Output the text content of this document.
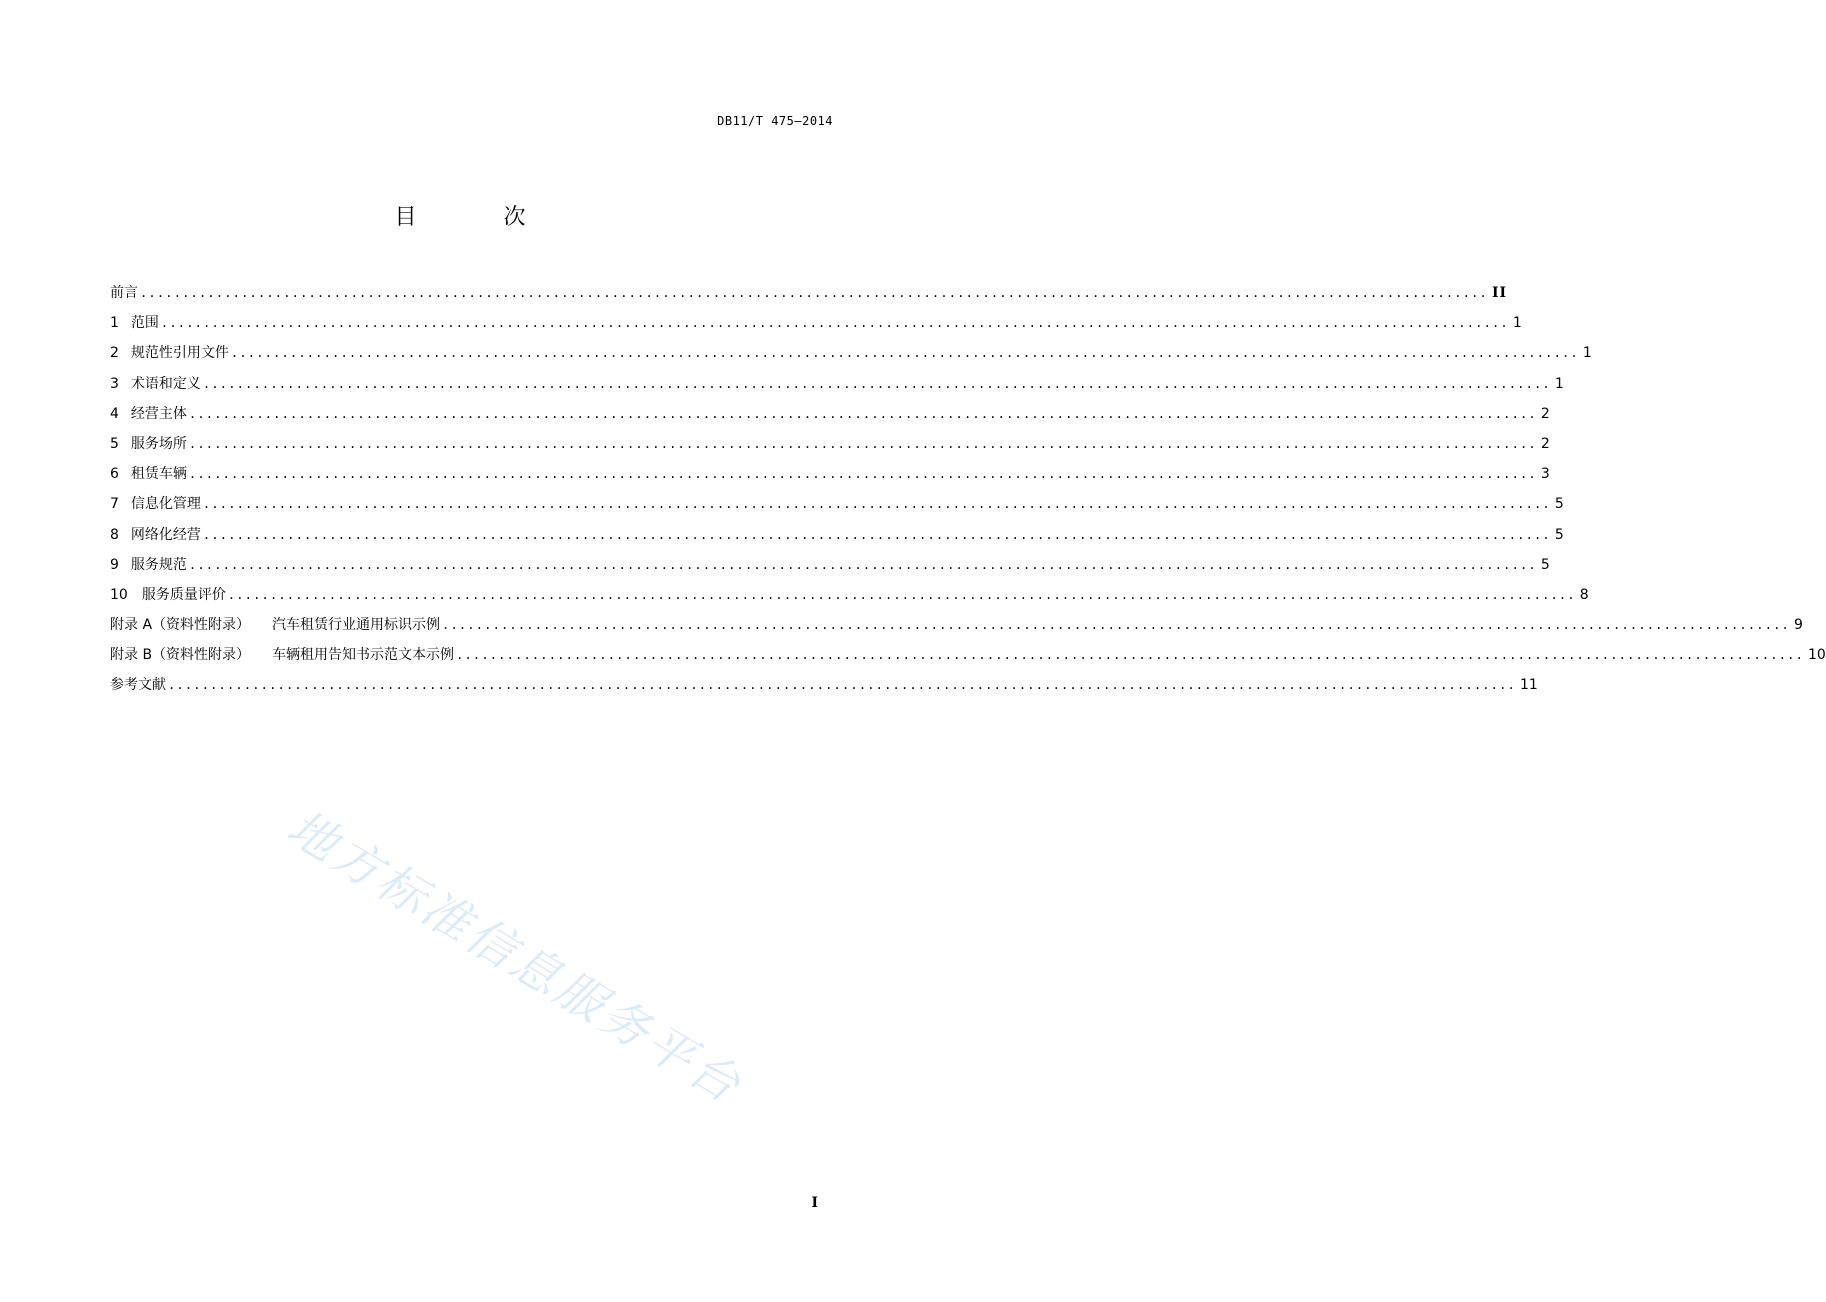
DB11/T 475—2014
目 次
前言 ................................................................................................................................................................ II
1 范围 ................................................................................................................................................................ 1
2 规范性引用文件 ................................................................................................................................................................ 1
3 术语和定义 ................................................................................................................................................................ 1
4 经营主体 ................................................................................................................................................................ 2
5 服务场所 ................................................................................................................................................................ 2
6 租赁车辆 ................................................................................................................................................................ 3
7 信息化管理 ................................................................................................................................................................ 5
8 网络化经营 ................................................................................................................................................................ 5
9 服务规范 ................................................................................................................................................................ 5
10 服务质量评价 ................................................................................................................................................................ 8
附录 A（资料性附录） 汽车租赁行业通用标识示例 ................................................................................................................................................................ 9
附录 B（资料性附录） 车辆租用告知书示范文本示例 ................................................................................................................................................................ 10
参考文献 ................................................................................................................................................................ 11
地方标准信息服务平台
I
